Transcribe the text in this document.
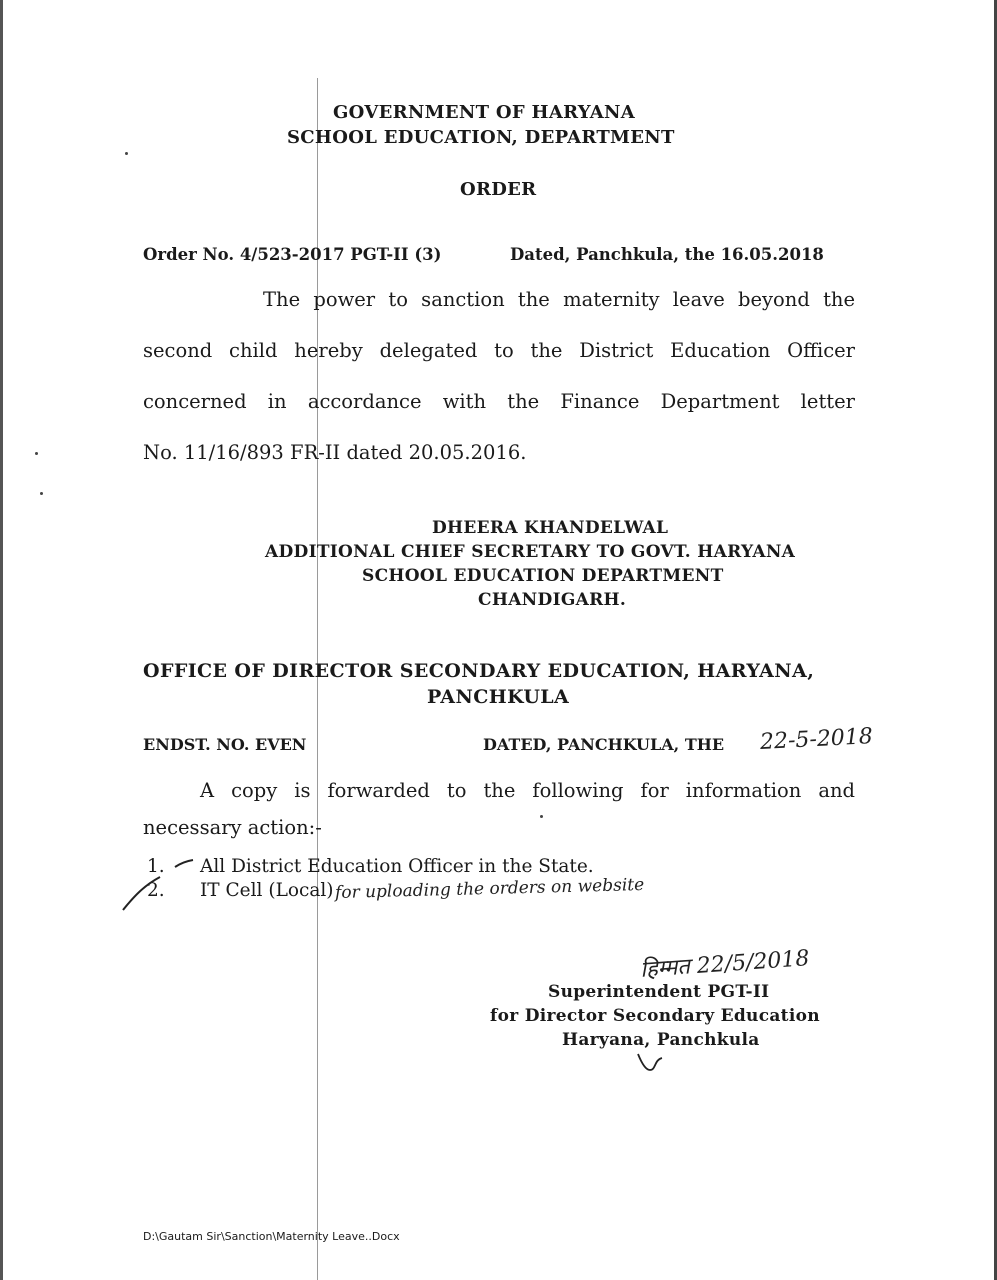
GOVERNMENT OF HARYANA
SCHOOL EDUCATION, DEPARTMENT
ORDER
Order No. 4/523-2017 PGT-II (3)	Dated, Panchkula, the 16.05.2018
The power to sanction the maternity leave beyond the
second child hereby delegated to the District Education Officer
concerned in accordance with the Finance Department letter
No. 11/16/893 FR-II dated 20.05.2016.
DHEERA KHANDELWAL
ADDITIONAL CHIEF SECRETARY TO GOVT. HARYANA
SCHOOL EDUCATION DEPARTMENT
CHANDIGARH.
OFFICE OF DIRECTOR SECONDARY EDUCATION, HARYANA,
PANCHKULA
ENDST. NO. EVEN	DATED, PANCHKULA, THE 22-5-2018
A copy is forwarded to the following for information and
necessary action:-
1. All District Education Officer in the State.
2. IT Cell (Local) for uploading the orders on website
हिम्मत 22/5/2018
Superintendent PGT-II
for Director Secondary Education
Haryana, Panchkula
D:\Gautam Sir\Sanction\Maternity Leave..Docx
